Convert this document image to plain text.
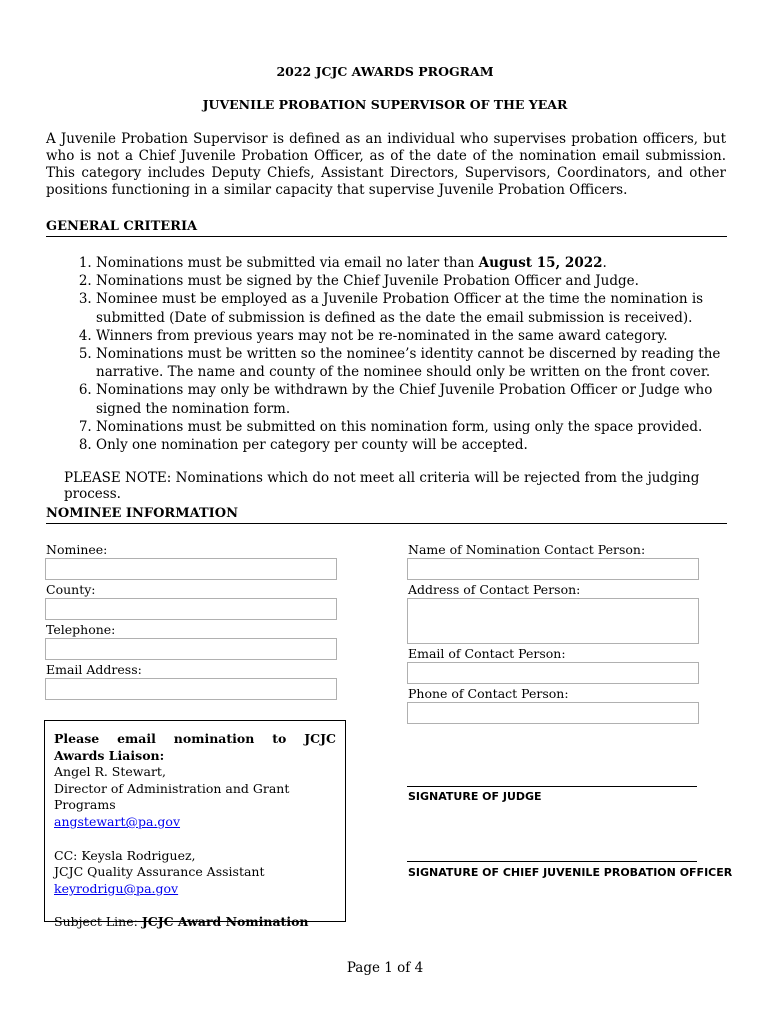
2022 JCJC AWARDS PROGRAM
JUVENILE PROBATION SUPERVISOR OF THE YEAR
A Juvenile Probation Supervisor is defined as an individual who supervises probation officers, but who is not a Chief Juvenile Probation Officer, as of the date of the nomination email submission. This category includes Deputy Chiefs, Assistant Directors, Supervisors, Coordinators, and other positions functioning in a similar capacity that supervise Juvenile Probation Officers.
GENERAL CRITERIA
1. Nominations must be submitted via email no later than August 15, 2022.
2. Nominations must be signed by the Chief Juvenile Probation Officer and Judge.
3. Nominee must be employed as a Juvenile Probation Officer at the time the nomination is submitted (Date of submission is defined as the date the email submission is received).
4. Winners from previous years may not be re-nominated in the same award category.
5. Nominations must be written so the nominee’s identity cannot be discerned by reading the narrative. The name and county of the nominee should only be written on the front cover.
6. Nominations may only be withdrawn by the Chief Juvenile Probation Officer or Judge who signed the nomination form.
7. Nominations must be submitted on this nomination form, using only the space provided.
8. Only one nomination per category per county will be accepted.
PLEASE NOTE: Nominations which do not meet all criteria will be rejected from the judging process.
NOMINEE INFORMATION
Nominee:
County:
Telephone:
Email Address:
Name of Nomination Contact Person:
Address of Contact Person:
Email of Contact Person:
Phone of Contact Person:
Please email nomination to JCJC Awards Liaison:
Angel R. Stewart,
Director of Administration and Grant Programs
angstewart@pa.gov
CC: Keysla Rodriguez,
JCJC Quality Assurance Assistant
keyrodrigu@pa.gov
Subject Line: JCJC Award Nomination
SIGNATURE OF JUDGE
SIGNATURE OF CHIEF JUVENILE PROBATION OFFICER
Page 1 of 4
